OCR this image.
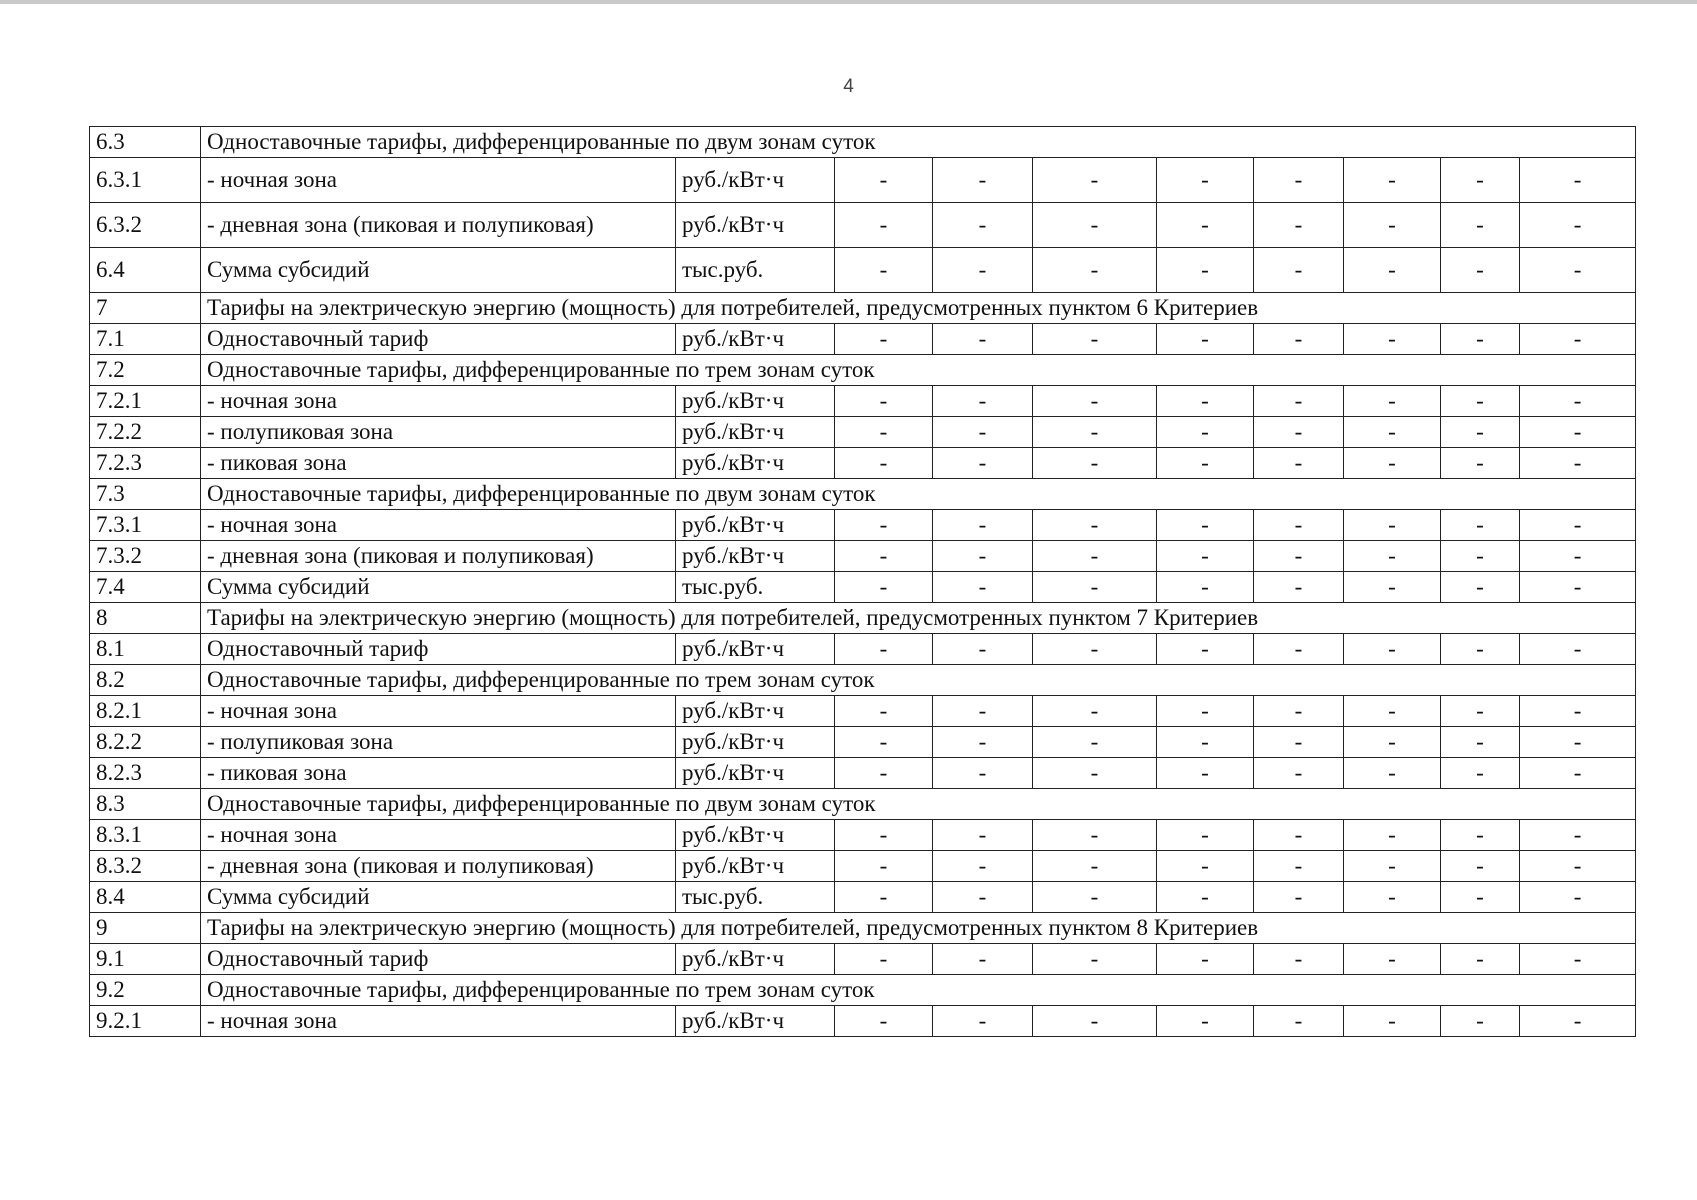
4
6.3	Одноставочные тарифы, дифференцированные по двум зонам суток									
6.3.1	- ночная зона	руб./кВт·ч	-	-	-	-	-	-	-	-
6.3.2	- дневная зона (пиковая и полупиковая)	руб./кВт·ч	-	-	-	-	-	-	-	-
6.4	Сумма субсидий	тыс.руб.	-	-	-	-	-	-	-	-
7	Тарифы на электрическую энергию (мощность) для потребителей, предусмотренных пунктом 6 Критериев									
7.1	Одноставочный тариф	руб./кВт·ч	-	-	-	-	-	-	-	-
7.2	Одноставочные тарифы, дифференцированные по трем зонам суток									
7.2.1	- ночная зона	руб./кВт·ч	-	-	-	-	-	-	-	-
7.2.2	- полупиковая зона	руб./кВт·ч	-	-	-	-	-	-	-	-
7.2.3	- пиковая зона	руб./кВт·ч	-	-	-	-	-	-	-	-
7.3	Одноставочные тарифы, дифференцированные по двум зонам суток									
7.3.1	- ночная зона	руб./кВт·ч	-	-	-	-	-	-	-	-
7.3.2	- дневная зона (пиковая и полупиковая)	руб./кВт·ч	-	-	-	-	-	-	-	-
7.4	Сумма субсидий	тыс.руб.	-	-	-	-	-	-	-	-
8	Тарифы на электрическую энергию (мощность) для потребителей, предусмотренных пунктом 7 Критериев									
8.1	Одноставочный тариф	руб./кВт·ч	-	-	-	-	-	-	-	-
8.2	Одноставочные тарифы, дифференцированные по трем зонам суток									
8.2.1	- ночная зона	руб./кВт·ч	-	-	-	-	-	-	-	-
8.2.2	- полупиковая зона	руб./кВт·ч	-	-	-	-	-	-	-	-
8.2.3	- пиковая зона	руб./кВт·ч	-	-	-	-	-	-	-	-
8.3	Одноставочные тарифы, дифференцированные по двум зонам суток									
8.3.1	- ночная зона	руб./кВт·ч	-	-	-	-	-	-	-	-
8.3.2	- дневная зона (пиковая и полупиковая)	руб./кВт·ч	-	-	-	-	-	-	-	-
8.4	Сумма субсидий	тыс.руб.	-	-	-	-	-	-	-	-
9	Тарифы на электрическую энергию (мощность) для потребителей, предусмотренных пунктом 8 Критериев									
9.1	Одноставочный тариф	руб./кВт·ч	-	-	-	-	-	-	-	-
9.2	Одноставочные тарифы, дифференцированные по трем зонам суток									
9.2.1	- ночная зона	руб./кВт·ч	-	-	-	-	-	-	-	-
